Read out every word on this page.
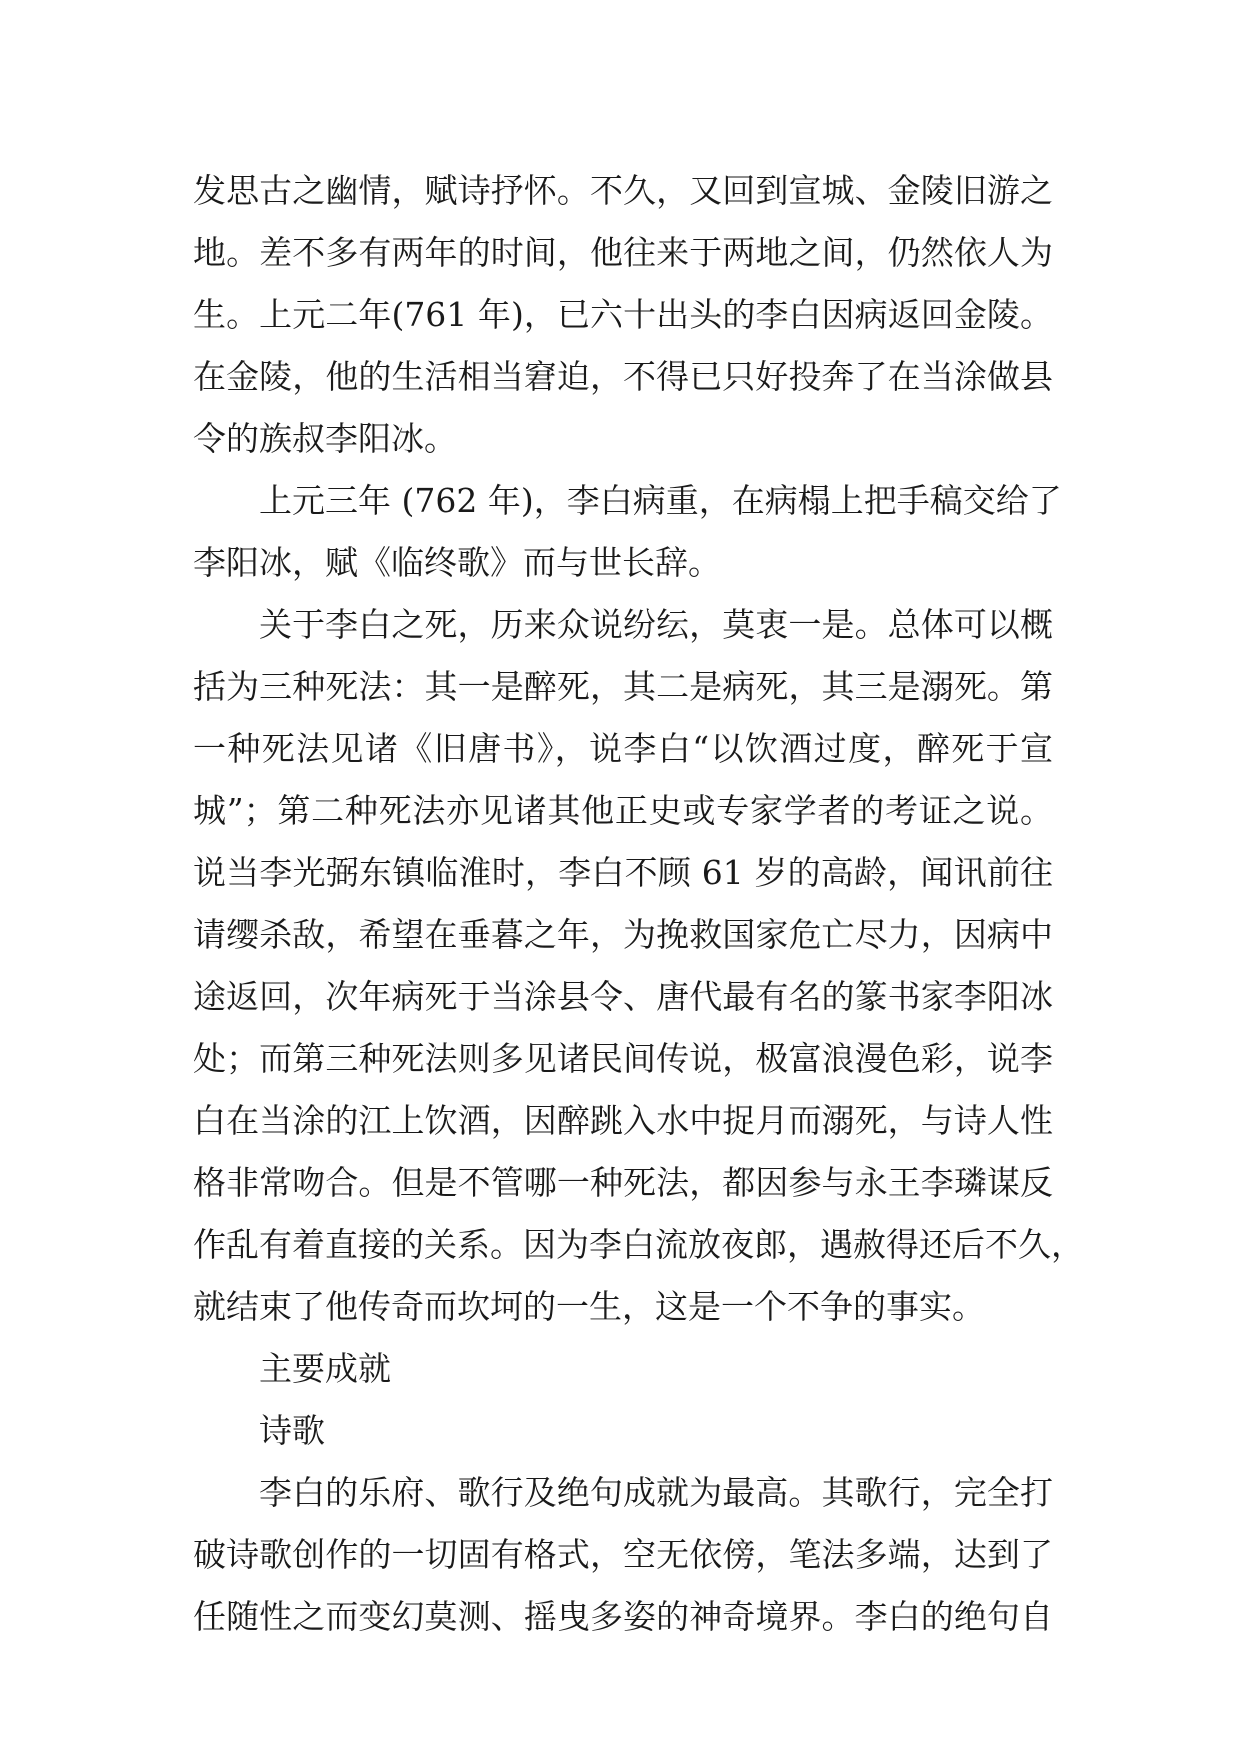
发思古之幽情，赋诗抒怀。不久，又回到宣城、金陵旧游之
地。差不多有两年的时间，他往来于两地之间，仍然依人为
生。上元二年(761 年)，已六十出头的李白因病返回金陵。
在金陵，他的生活相当窘迫，不得已只好投奔了在当涂做县
令的族叔李阳冰。
上元三年 (762 年)，李白病重，在病榻上把手稿交给了
李阳冰，赋《临终歌》而与世长辞。
关于李白之死，历来众说纷纭，莫衷一是。总体可以概
括为三种死法：其一是醉死，其二是病死，其三是溺死。第
一种死法见诸《旧唐书》，说李白“以饮酒过度，醉死于宣
城”；第二种死法亦见诸其他正史或专家学者的考证之说。
说当李光弼东镇临淮时，李白不顾 61 岁的高龄，闻讯前往
请缨杀敌，希望在垂暮之年，为挽救国家危亡尽力，因病中
途返回，次年病死于当涂县令、唐代最有名的篆书家李阳冰
处；而第三种死法则多见诸民间传说，极富浪漫色彩，说李
白在当涂的江上饮酒，因醉跳入水中捉月而溺死，与诗人性
格非常吻合。但是不管哪一种死法，都因参与永王李璘谋反
作乱有着直接的关系。因为李白流放夜郎，遇赦得还后不久，
就结束了他传奇而坎坷的一生，这是一个不争的事实。
主要成就
诗歌
李白的乐府、歌行及绝句成就为最高。其歌行，完全打
破诗歌创作的一切固有格式，空无依傍，笔法多端，达到了
任随性之而变幻莫测、摇曳多姿的神奇境界。李白的绝句自
